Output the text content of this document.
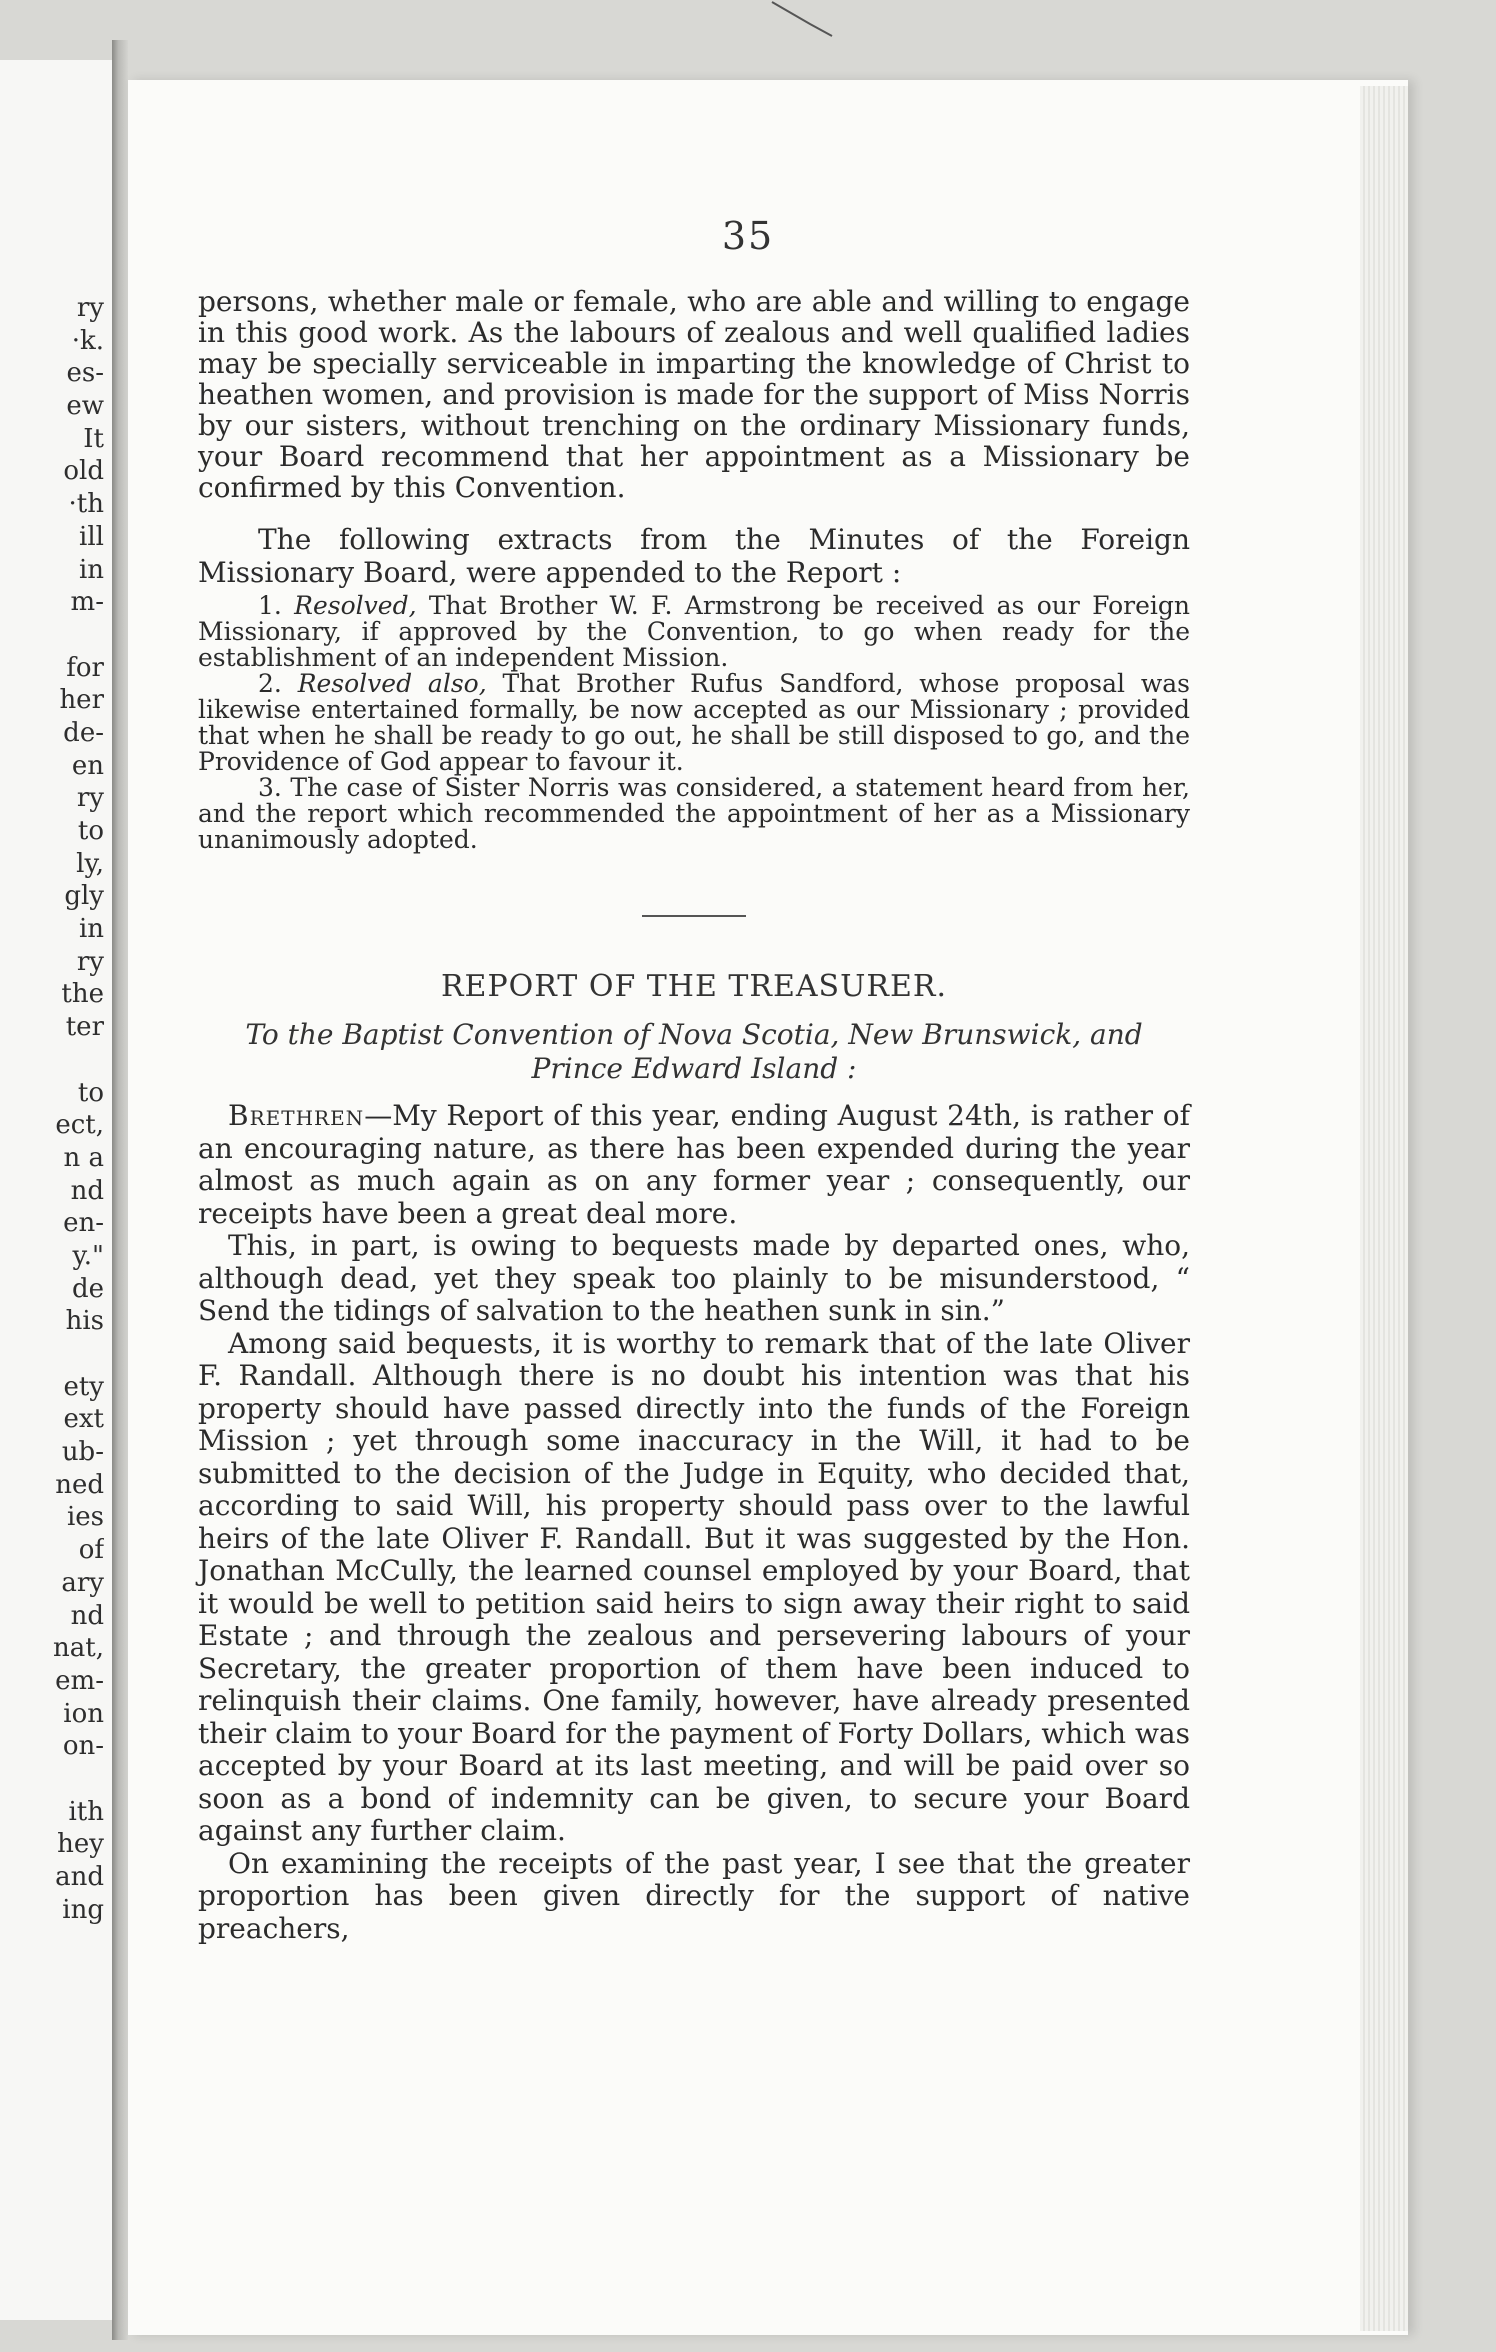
ry
·k.
es-
ew
It
old
·th
ill
in
m-
for
her
de-
en
ry
to
ly,
gly
in
ry
the
ter
to
ect,
n a
nd
en-
y."
de
his
ety
ext
ub-
ned
ies
of
ary
nd
nat,
em-
ion
on-
ith
hey
and
ing
35

persons, whether male or female, who are able and willing to engage in this good work. As the labours of zealous and well qualified ladies may be specially serviceable in imparting the knowledge of Christ to heathen women, and provision is made for the support of Miss Norris by our sisters, without trenching on the ordinary Missionary funds, your Board recommend that her appointment as a Missionary be confirmed by this Convention.

The following extracts from the Minutes of the Foreign Missionary Board, were appended to the Report :

1. Resolved, That Brother W. F. Armstrong be received as our Foreign Missionary, if approved by the Convention, to go when ready for the establishment of an independent Mission.

2. Resolved also, That Brother Rufus Sandford, whose proposal was likewise entertained formally, be now accepted as our Missionary ; provided that when he shall be ready to go out, he shall be still disposed to go, and the Providence of God appear to favour it.

3. The case of Sister Norris was considered, a statement heard from her, and the report which recommended the appointment of her as a Missionary unanimously adopted.

REPORT OF THE TREASURER.
To the Baptist Convention of Nova Scotia, New Brunswick, and Prince Edward Island :

Brethren—My Report of this year, ending August 24th, is rather of an encouraging nature, as there has been expended during the year almost as much again as on any former year ; consequently, our receipts have been a great deal more.

This, in part, is owing to bequests made by departed ones, who, although dead, yet they speak too plainly to be misunderstood, “ Send the tidings of salvation to the heathen sunk in sin.”

Among said bequests, it is worthy to remark that of the late Oliver F. Randall. Although there is no doubt his intention was that his property should have passed directly into the funds of the Foreign Mission ; yet through some inaccuracy in the Will, it had to be submitted to the decision of the Judge in Equity, who decided that, according to said Will, his property should pass over to the lawful heirs of the late Oliver F. Randall. But it was suggested by the Hon. Jonathan McCully, the learned counsel employed by your Board, that it would be well to petition said heirs to sign away their right to said Estate ; and through the zealous and persevering labours of your Secretary, the greater proportion of them have been induced to relinquish their claims. One family, however, have already presented their claim to your Board for the payment of Forty Dollars, which was accepted by your Board at its last meeting, and will be paid over so soon as a bond of indemnity can be given, to secure your Board against any further claim.

On examining the receipts of the past year, I see that the greater proportion has been given directly for the support of native preachers,
